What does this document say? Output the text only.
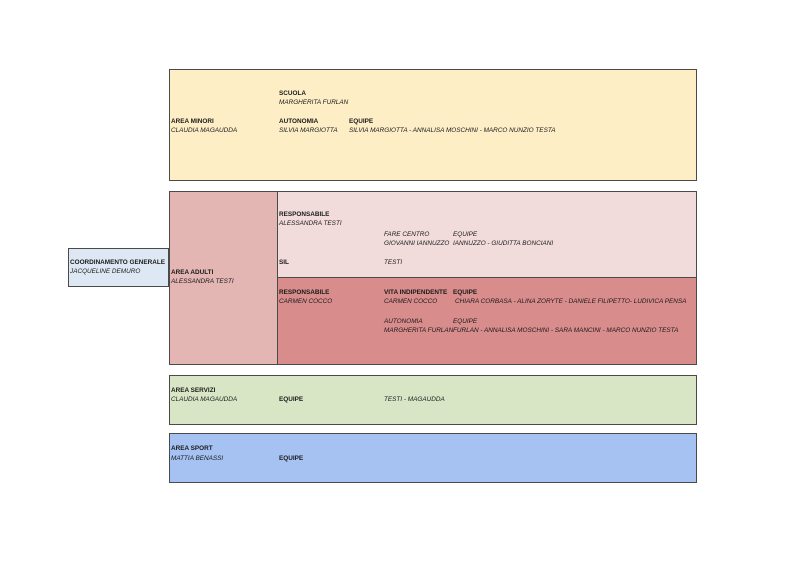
COORDINAMENTO GENERALE
JACQUELINE DEMURO
AREA MINORI
CLAUDIA MAGAUDDA
SCUOLA
MARGHERITA FURLAN
AUTONOMIA
SILVIA MARGIOTTA
EQUIPE
SILVIA MARGIOTTA - ANNALISA MOSCHINI - MARCO NUNZIO TESTA
AREA ADULTI
ALESSANDRA TESTI
RESPONSABILE
ALESSANDRA TESTI
FARE CENTRO
GIOVANNI IANNUZZO
EQUIPE
IANNUZZO - GIUDITTA BONCIANI
SIL	TESTI
RESPONSABILE
CARMEN COCCO
VITA INDIPENDENTE
CARMEN COCCO
EQUIPE
CHIARA CORBASA - ALINA ZORYTE - DANIELE FILIPETTO- LUDIVICA PENSA
AUTONOMIA
MARGHERITA FURLAN
EQUIPE
FURLAN - ANNALISA MOSCHINI - SARA MANCINI - MARCO NUNZIO TESTA
AREA SERVIZI
CLAUDIA MAGAUDDA	EQUIPE	TESTI - MAGAUDDA
AREA SPORT
MATTIA BENASSI	EQUIPE
